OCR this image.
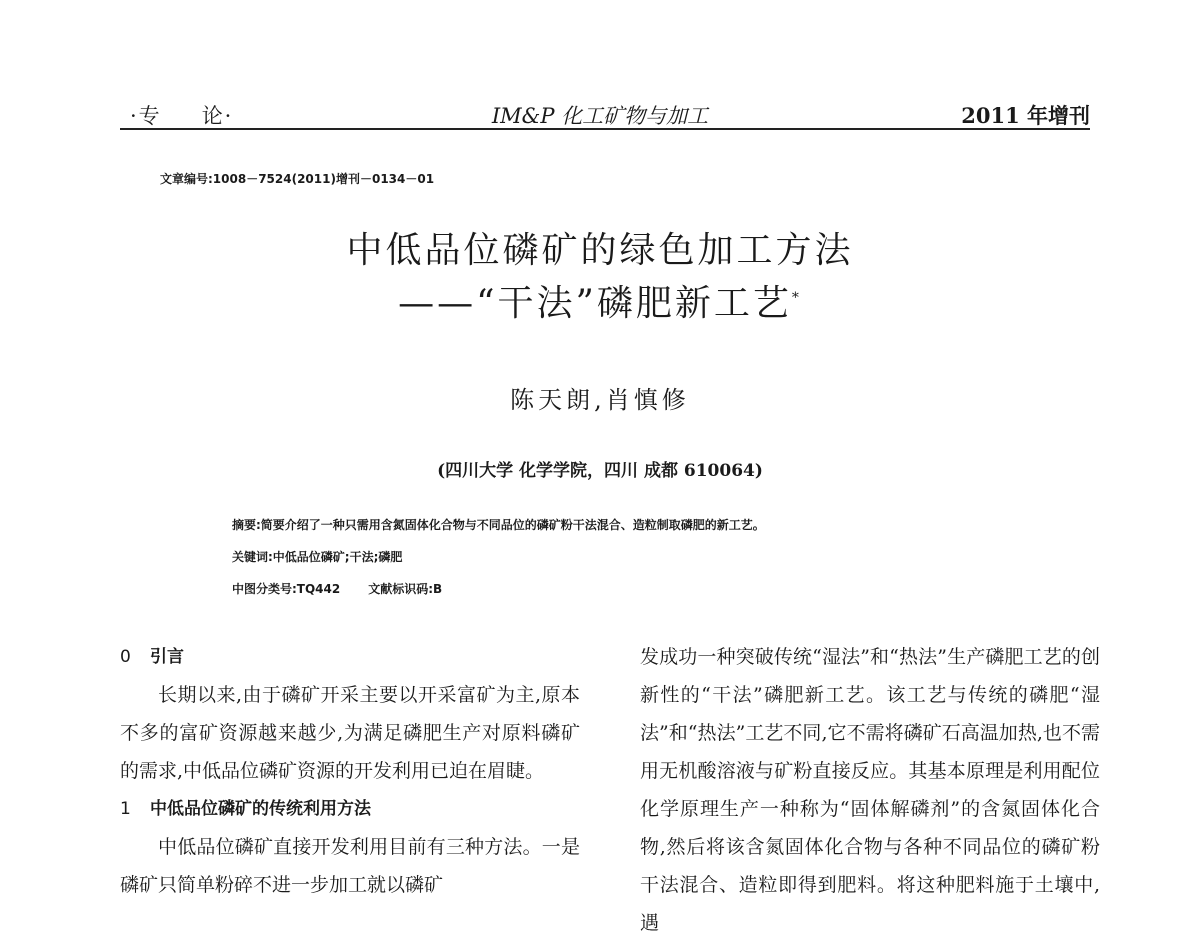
·专 论·	IM&P 化工矿物与加工	2011 年增刊
文章编号:1008－7524(2011)增刊－0134－01
中低品位磷矿的绿色加工方法
——“干法”磷肥新工艺*
陈天朗,肖慎修
(四川大学 化学学院，四川 成都 610064)
摘要:简要介绍了一种只需用含氮固体化合物与不同品位的磷矿粉干法混合、造粒制取磷肥的新工艺。
关键词:中低品位磷矿;干法;磷肥
中图分类号:TQ442 文献标识码:B

0 引言

长期以来,由于磷矿开采主要以开采富矿为主,原本不多的富矿资源越来越少,为满足磷肥生产对原料磷矿的需求,中低品位磷矿资源的开发利用已迫在眉睫。

1 中低品位磷矿的传统利用方法

中低品位磷矿直接开发利用目前有三种方法。一是磷矿只简单粉碎不进一步加工就以磷矿

发成功一种突破传统“湿法”和“热法”生产磷肥工艺的创新性的“干法”磷肥新工艺。该工艺与传统的磷肥“湿法”和“热法”工艺不同,它不需将磷矿石高温加热,也不需用无机酸溶液与矿粉直接反应。其基本原理是利用配位化学原理生产一种称为“固体解磷剂”的含氮固体化合物,然后将该含氮固体化合物与各种不同品位的磷矿粉干法混合、造粒即得到肥料。将这种肥料施于土壤中,遇
